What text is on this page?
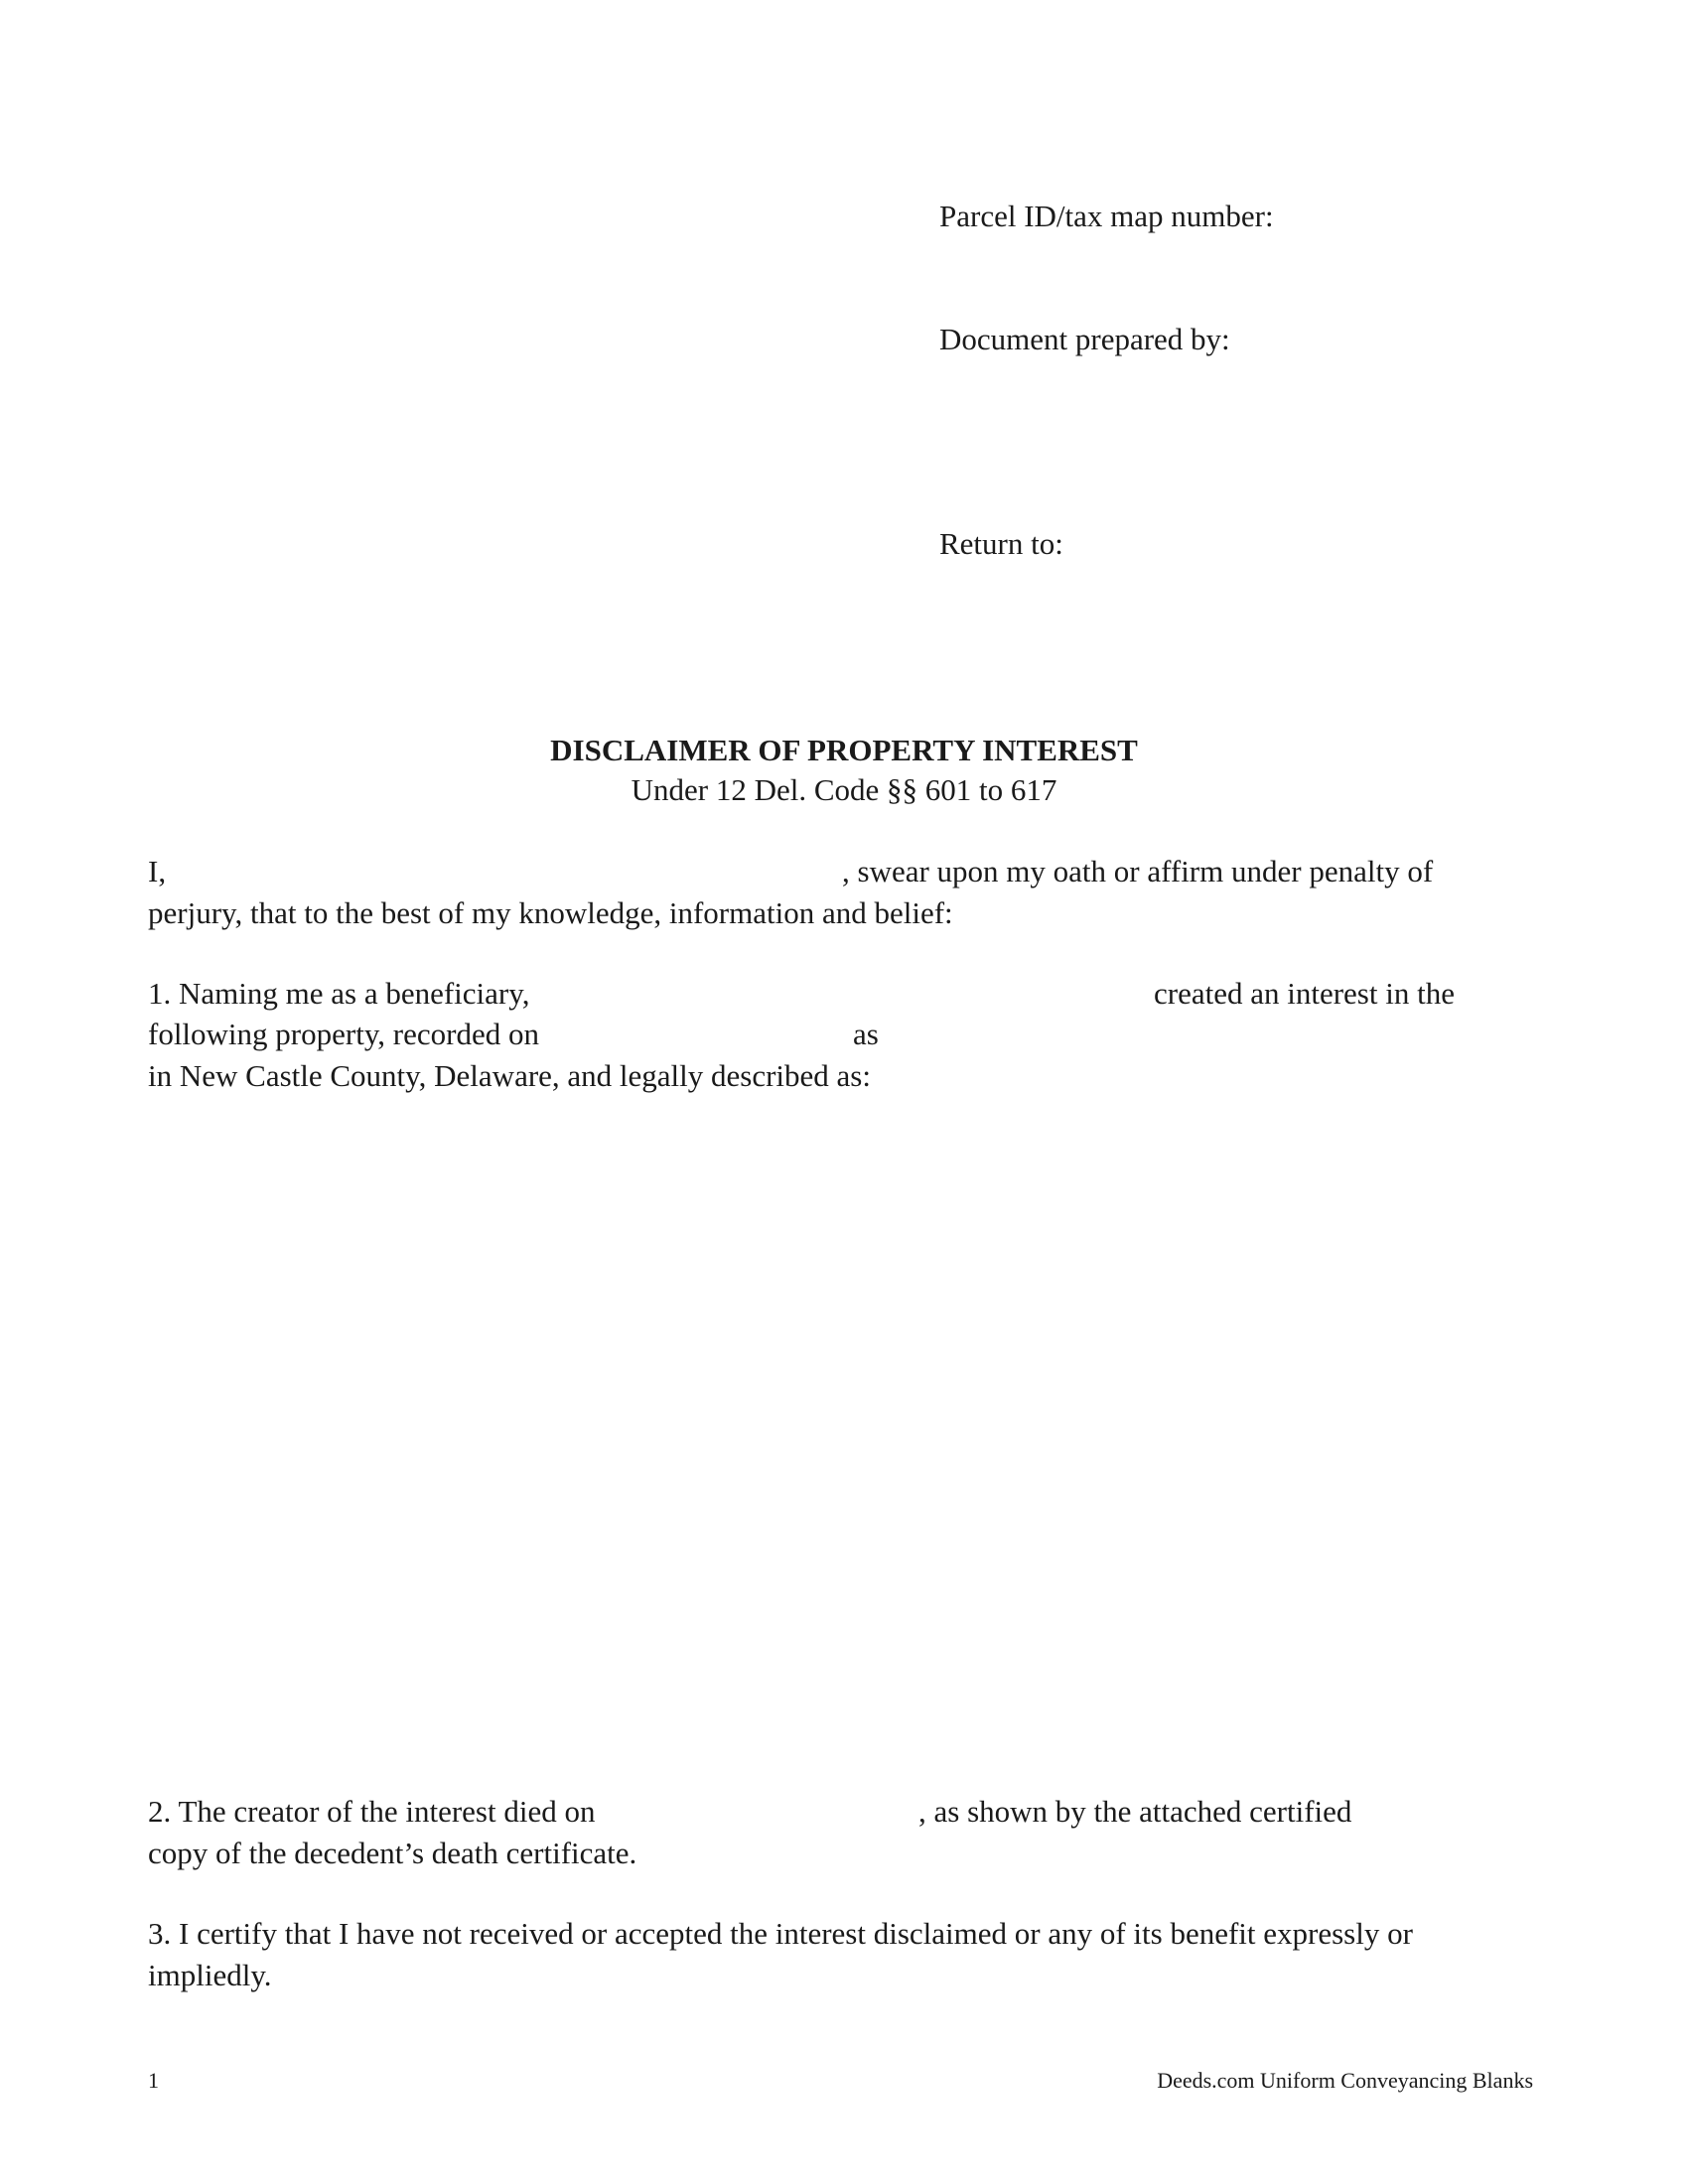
Parcel ID/tax map number:
Document prepared by:
Return to:
DISCLAIMER OF PROPERTY INTEREST
Under 12 Del. Code §§ 601 to 617
I,	, swear upon my oath or affirm under penalty of
perjury, that to the best of my knowledge, information and belief:
1. Naming me as a beneficiary,	created an interest in the
following property, recorded on	as
in New Castle County, Delaware, and legally described as:
2. The creator of the interest died on	, as shown by the attached certified
copy of the decedent’s death certificate.
3. I certify that I have not received or accepted the interest disclaimed or any of its benefit expressly or
impliedly.
1	Deeds.com Uniform Conveyancing Blanks
